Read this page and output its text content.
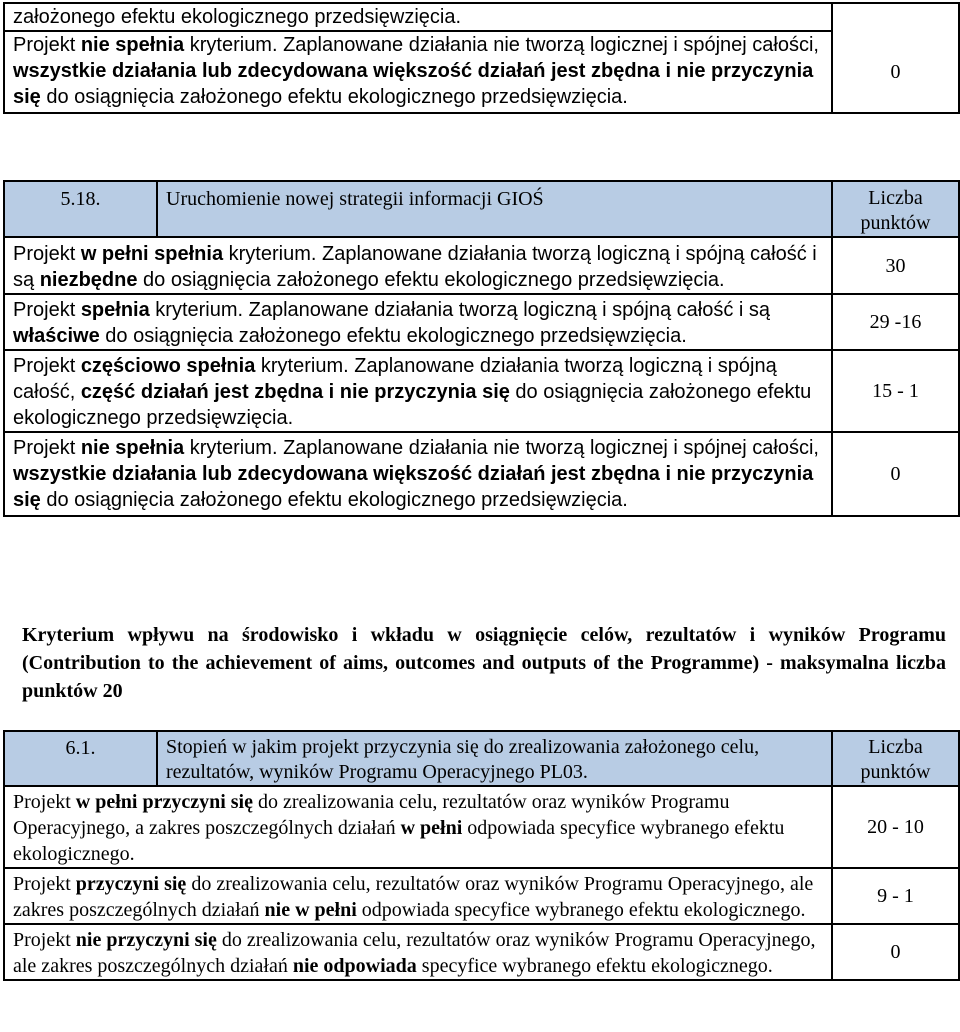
założonego efektu ekologicznego przedsięwzięcia.	
Projekt nie spełnia kryterium. Zaplanowane działania nie tworzą logicznej i spójnej całości, wszystkie działania lub zdecydowana większość działań jest zbędna i nie przyczynia się do osiągnięcia założonego efektu ekologicznego przedsięwzięcia.	0
5.18.	Uruchomienie nowej strategii informacji GIOŚ	Liczba punktów
Projekt w pełni spełnia kryterium. Zaplanowane działania tworzą logiczną i spójną całość i są niezbędne do osiągnięcia założonego efektu ekologicznego przedsięwzięcia.		30
Projekt spełnia kryterium. Zaplanowane działania tworzą logiczną i spójną całość i są właściwe do osiągnięcia założonego efektu ekologicznego przedsięwzięcia.		29 -16
Projekt częściowo spełnia kryterium. Zaplanowane działania tworzą logiczną i spójną całość, część działań jest zbędna i nie przyczynia się do osiągnięcia założonego efektu ekologicznego przedsięwzięcia.		15 - 1
Projekt nie spełnia kryterium. Zaplanowane działania nie tworzą logicznej i spójnej całości, wszystkie działania lub zdecydowana większość działań jest zbędna i nie przyczynia się do osiągnięcia założonego efektu ekologicznego przedsięwzięcia.		0

Kryterium wpływu na środowisko i wkładu w osiągnięcie celów, rezultatów i wyników Programu (Contribution to the achievement of aims, outcomes and outputs of the Programme) - maksymalna liczba punktów 20

6.1.	Stopień w jakim projekt przyczynia się do zrealizowania założonego celu, rezultatów, wyników Programu Operacyjnego PL03.	Liczba punktów
Projekt w pełni przyczyni się do zrealizowania celu, rezultatów oraz wyników Programu Operacyjnego, a zakres poszczególnych działań w pełni odpowiada specyfice wybranego efektu ekologicznego.		20 - 10
Projekt przyczyni się do zrealizowania celu, rezultatów oraz wyników Programu Operacyjnego, ale zakres poszczególnych działań nie w pełni odpowiada specyfice wybranego efektu ekologicznego.		9 - 1
Projekt nie przyczyni się do zrealizowania celu, rezultatów oraz wyników Programu Operacyjnego, ale zakres poszczególnych działań nie odpowiada specyfice wybranego efektu ekologicznego.		0
